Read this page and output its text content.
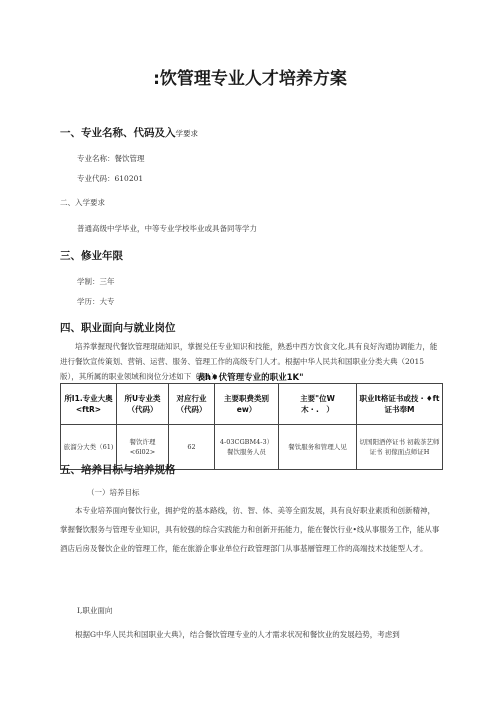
:饮管理专业人才培养方案
一、专业名称、代码及入学要求
专业名称：餐饮管理
专业代码：610201
二、入学要求
普通高级中学毕业，中等专业学校毕业或具备同等学力
三、修业年限
学制：三年
学历：大专
四、职业面向与就业岗位

培养掌握现代餐饮管理琨础知识，掌握兑任专业知识和技能，熟悉中西方饮食文化,具有良好沟通协调能力，能进行餐饮宣传策划、营销、运营、服务、管理工作的高级专门人才。根据中华人民共和国职业分类大典（2015版），其所属的职业领域和岗位分述如下（表1）：

表h♦伏管理专业的职业1K"
所I1.专业大奥<ftR>	所U专业类（代码）	对应行业（代码）	主要职费类别ew）	主要"位W　　木・.　）	职业It格证书或技・♦ft证书奉M
旅溜分大类（61)	餐饮许理<6l02>	62	4-03CGBM4-3）餐饮服务人员	餐钛服务和管理人见	切国阳酒停证书 初载茶艺师证书 初傢面点师证H
五、培养目标与培养规格
（一）培养目标

本专业培养面向餐饮行业，拥护党的基本路线，彷、智、体、美等全面发展，具有良好职业素质和创新精神，掌握餐饮服务与管理专业知识，具有较强的综合实践能力和创新开拓能力，能在餐饮行业•线从事服务工作，能从事酒店后房及餐饮企业的管理工作，能在旅游企事业单位行政管理部门从事基層管理工作的高端技术技能型人才。

I,职业面向

根据G中华人民共和国职业大典》，结合餐饮管理专业的人才需求状况和餐饮业的发展趋势，考虑到
